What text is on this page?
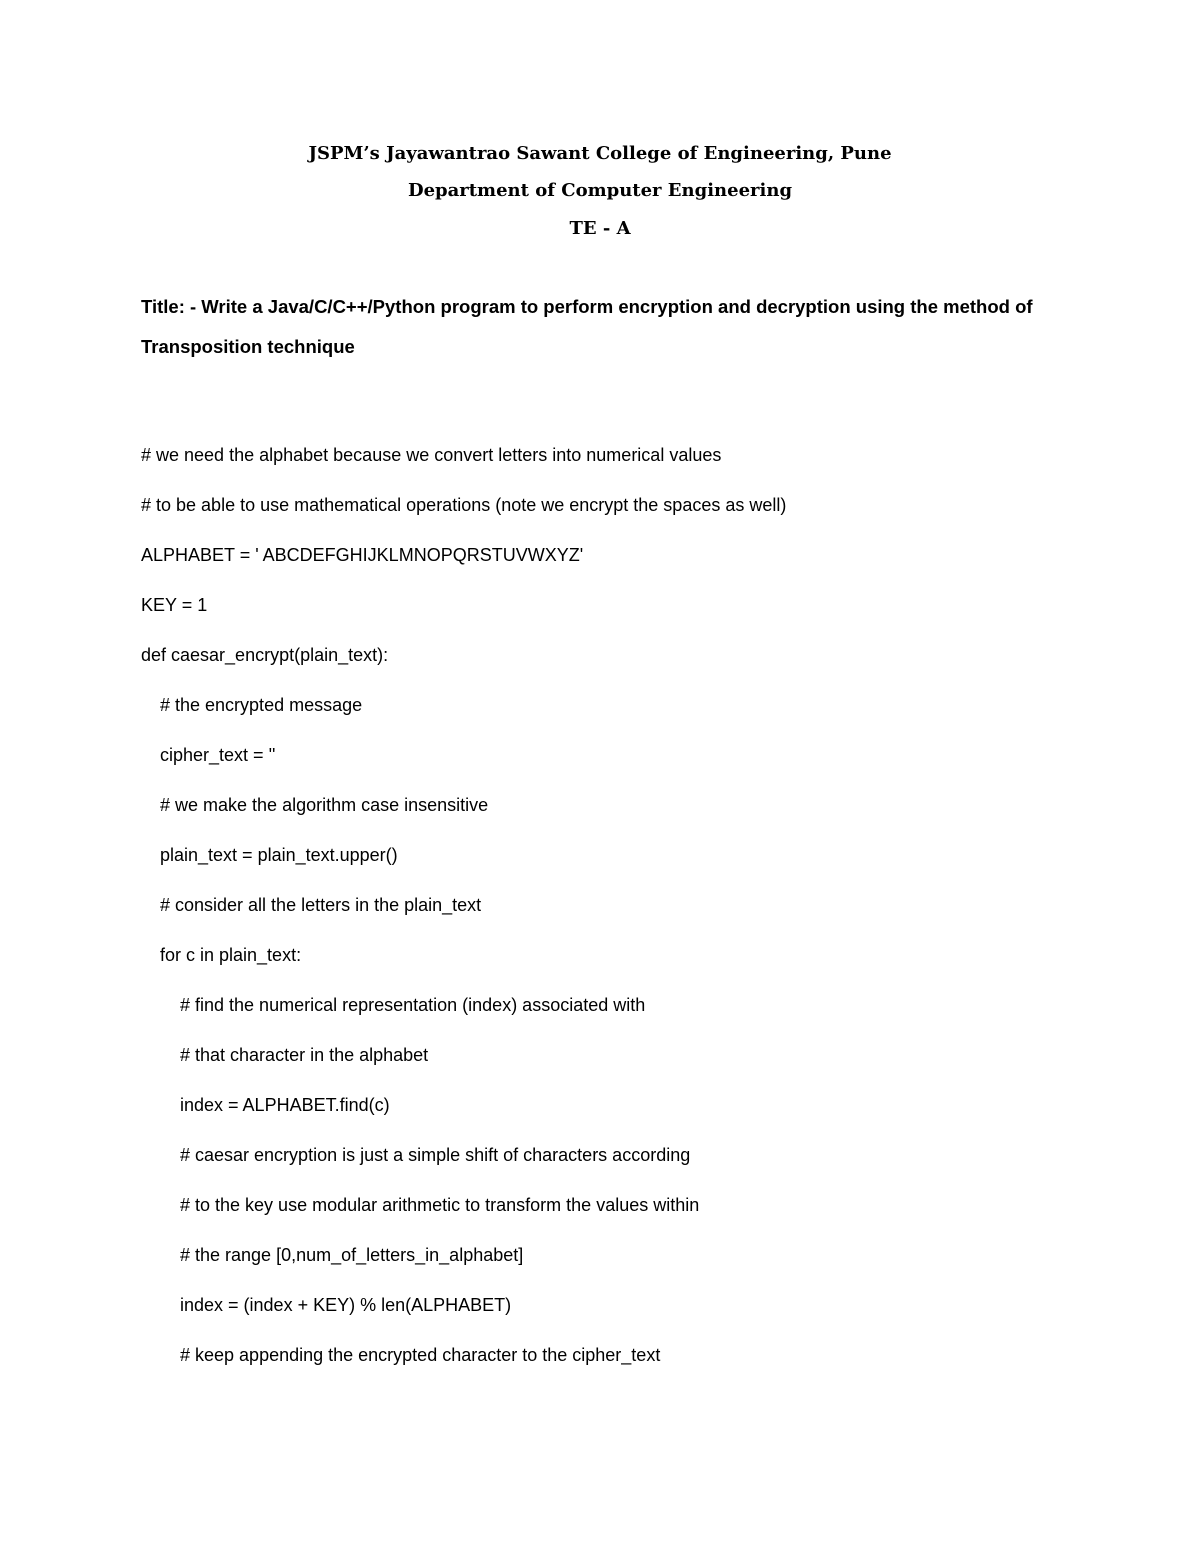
JSPM’s Jayawantrao Sawant College of Engineering, Pune
Department of Computer Engineering
TE - A
Title: - Write a Java/C/C++/Python program to perform encryption and decryption using the method of Transposition technique
# we need the alphabet because we convert letters into numerical values
# to be able to use mathematical operations (note we encrypt the spaces as well)
ALPHABET = ' ABCDEFGHIJKLMNOPQRSTUVWXYZ'
KEY = 1
def caesar_encrypt(plain_text):
# the encrypted message
cipher_text = ''
# we make the algorithm case insensitive
plain_text = plain_text.upper()
# consider all the letters in the plain_text
for c in plain_text:
# find the numerical representation (index) associated with
# that character in the alphabet
index = ALPHABET.find(c)
# caesar encryption is just a simple shift of characters according
# to the key use modular arithmetic to transform the values within
# the range [0,num_of_letters_in_alphabet]
index = (index + KEY) % len(ALPHABET)
# keep appending the encrypted character to the cipher_text
